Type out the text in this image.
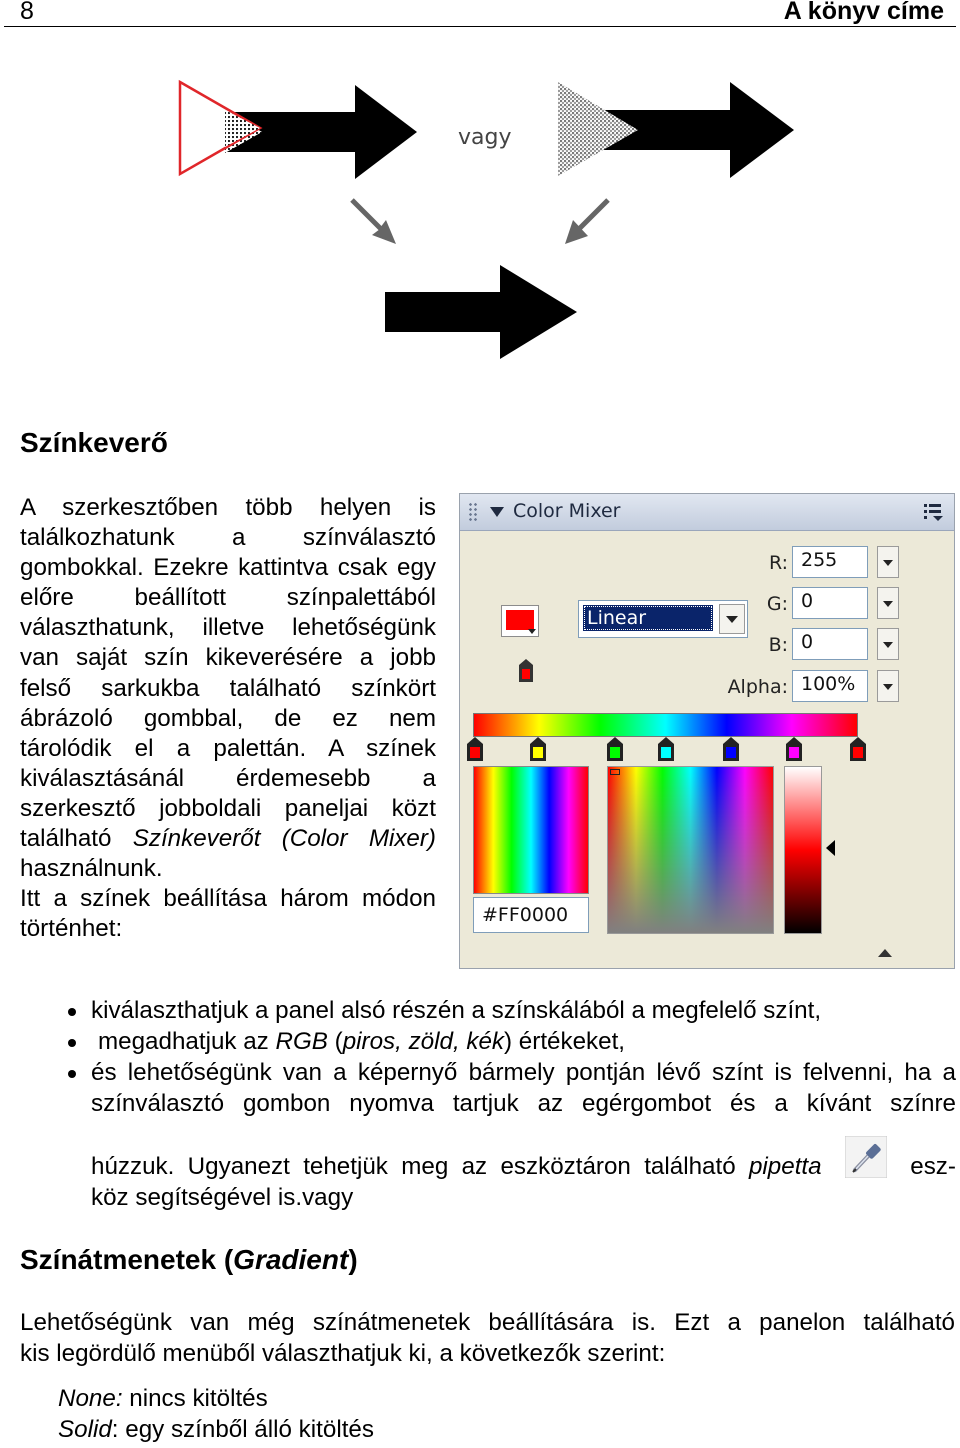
8	A könyv címe
vagy
Színkeverő

A szerkesztőben több helyen is találkozhatunk a színválasztó gombokkal. Ezekre kattintva csak egy előre beállított színpalettából választhatunk, illetve lehetőségünk van saját szín kikeverésére a jobb felső sarkukba található színkört ábrázoló gombbal, de ez nem tárolódik el a palettán. A színek kiválasztásánál érdemesebb a szerkesztő jobboldali paneljai közt található Színkeverőt (Color Mixer) használnunk.

Itt a színek beállítása három módon történhet:

Color Mixer
R: 255
G: 0
B: 0
Alpha: 100%
Linear
#FF0000
kiválaszthatjuk a panel alsó részén a színskálából a megfelelő színt,
megadhatjuk az RGB (piros, zöld, kék) értékeket,
és lehetőségünk van a képernyő bármely pontján lévő színt is felvenni, ha a színválasztó gombon nyomva tartjuk az egérgombot és a kívánt színre
húzzuk. Ugyanezt tehetjük meg az eszköztáron található pipetta	esz-
köz segítségével is.vagy
Színátmenetek (Gradient)
Lehetőségünk van még színátmenetek beállítására is. Ezt a panelon található
kis legördülő menüből választhatjuk ki, a következők szerint:
None: nincs kitöltés
Solid: egy színből álló kitöltés
